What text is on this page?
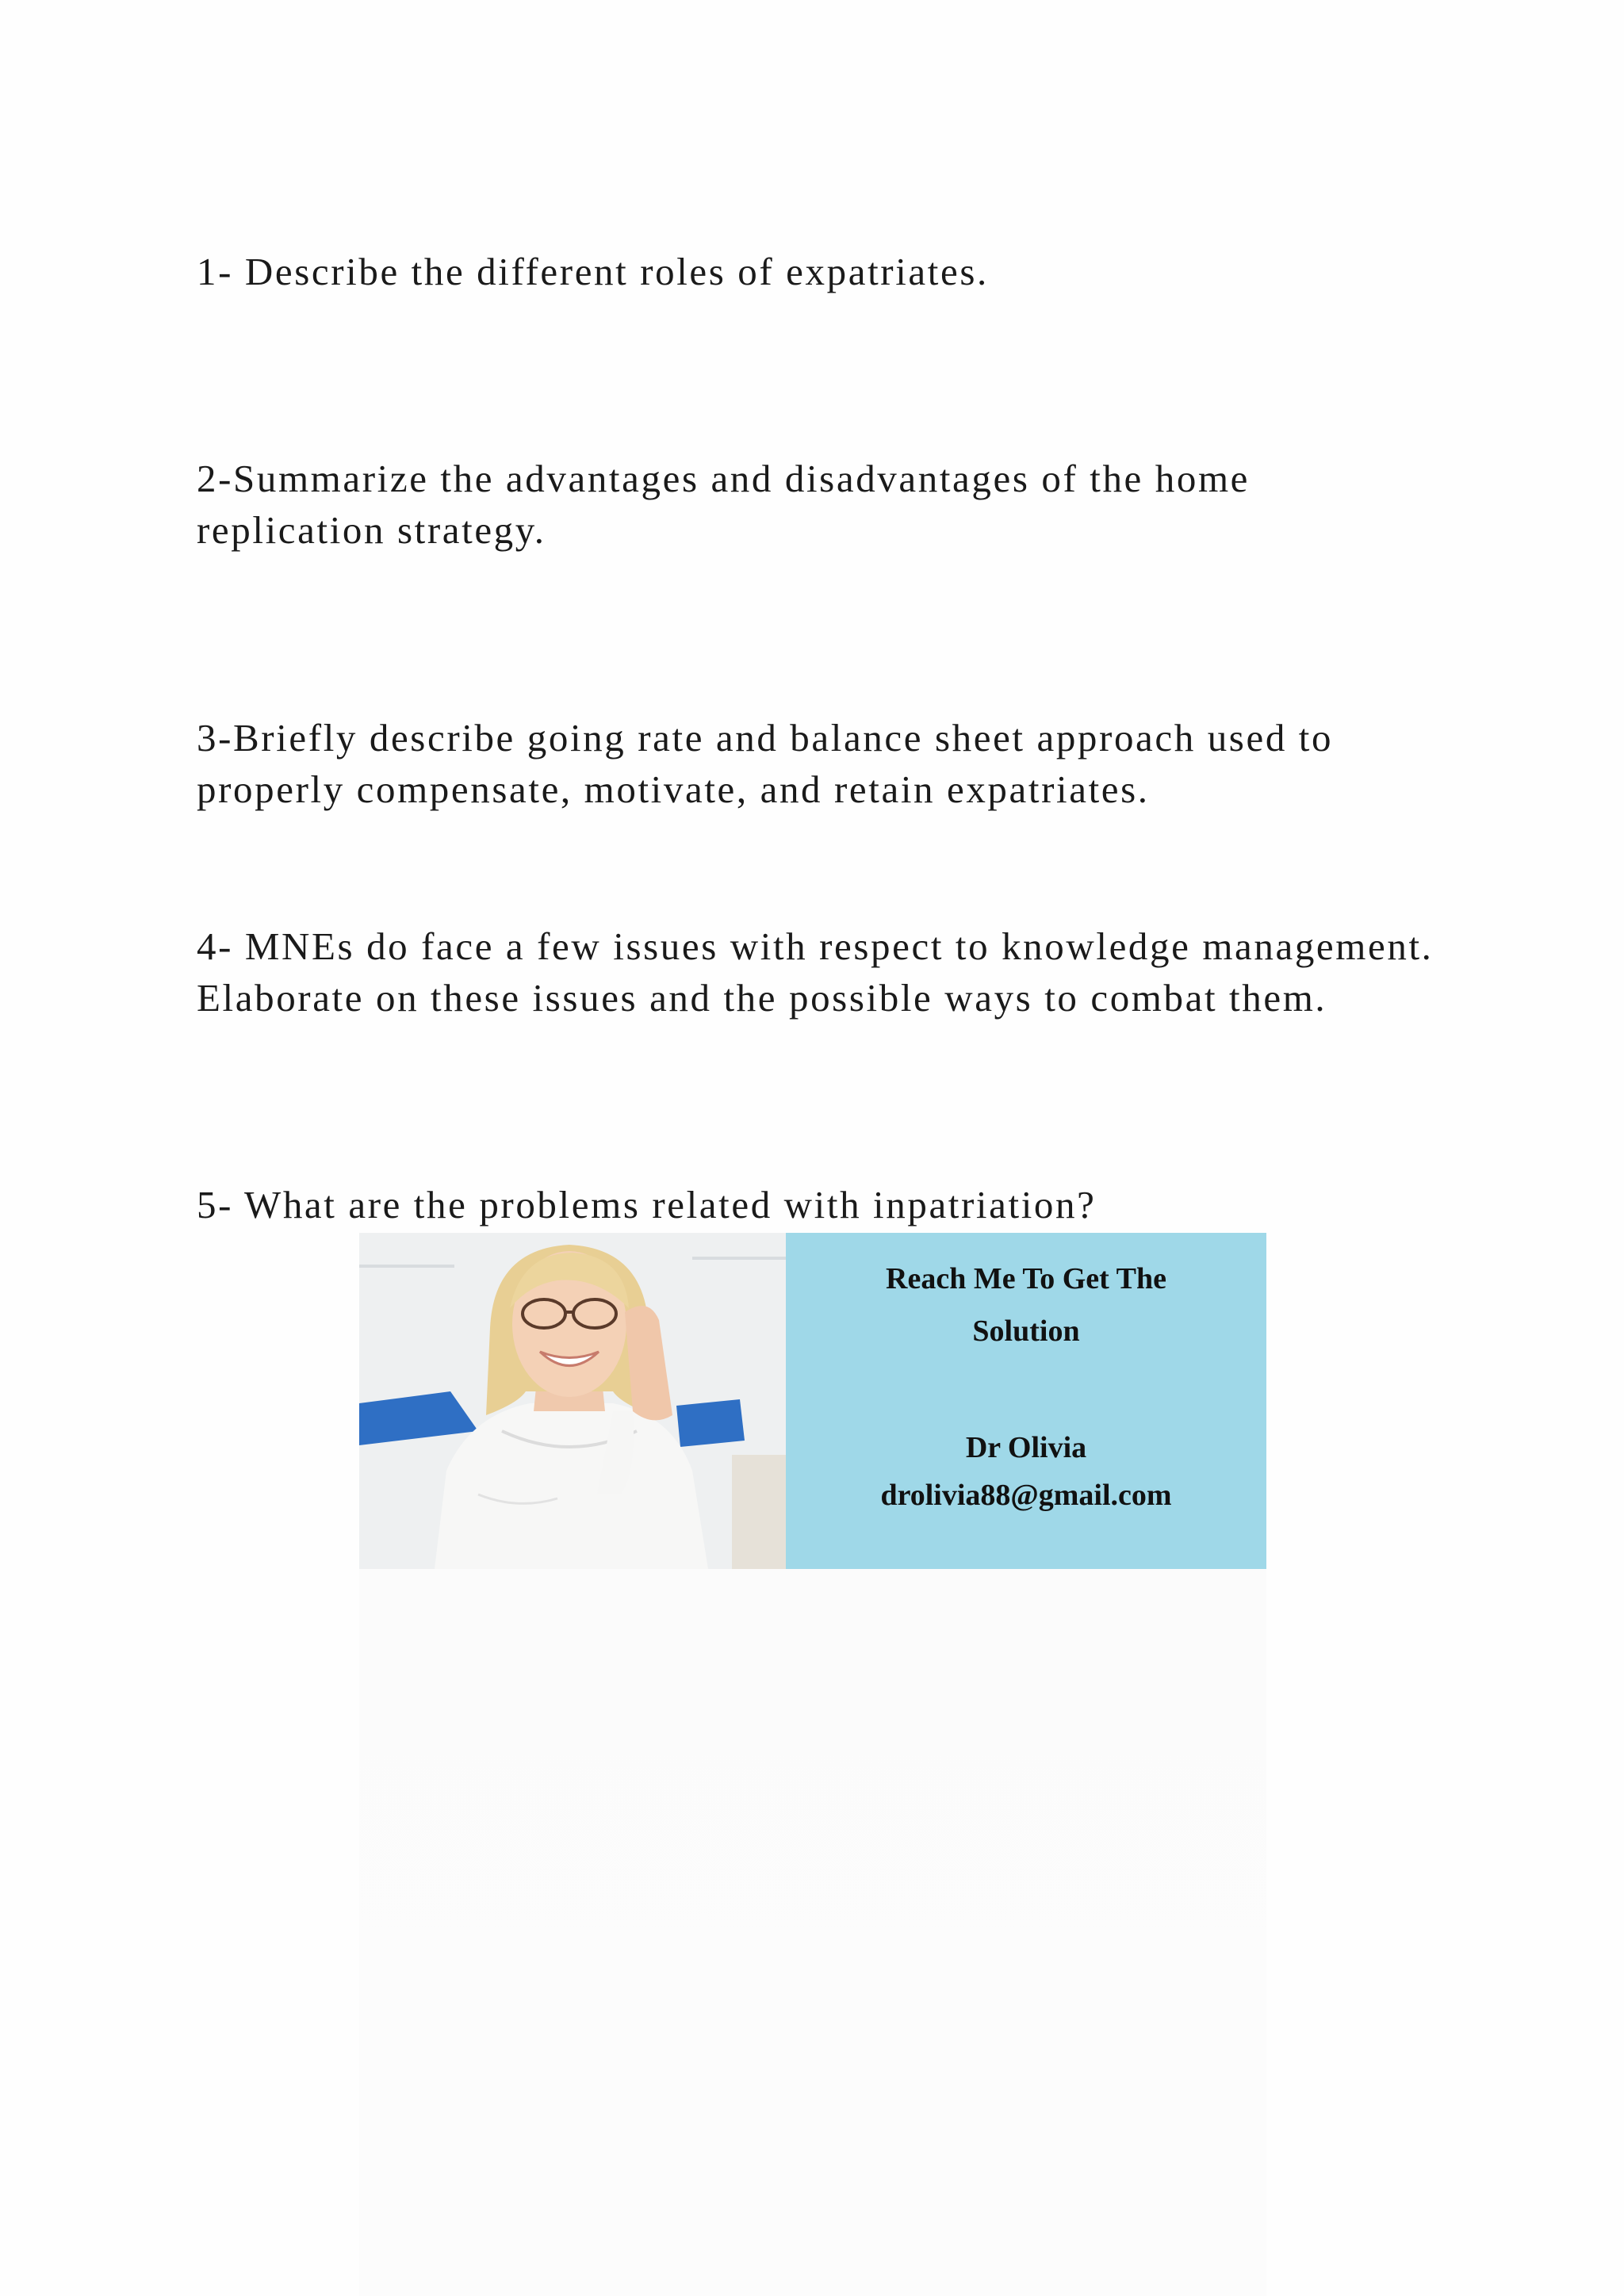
1- Describe the different roles of expatriates.

2-Summarize the advantages and disadvantages of the home replication strategy.

3-Briefly describe going rate and balance sheet approach used to properly compensate, motivate, and retain expatriates.

4- MNEs do face a few issues with respect to knowledge management. Elaborate on these issues and the possible ways to combat them.

5- What are the problems related with inpatriation?

Reach Me To Get The
Solution
Dr Olivia
drolivia88@gmail.com
